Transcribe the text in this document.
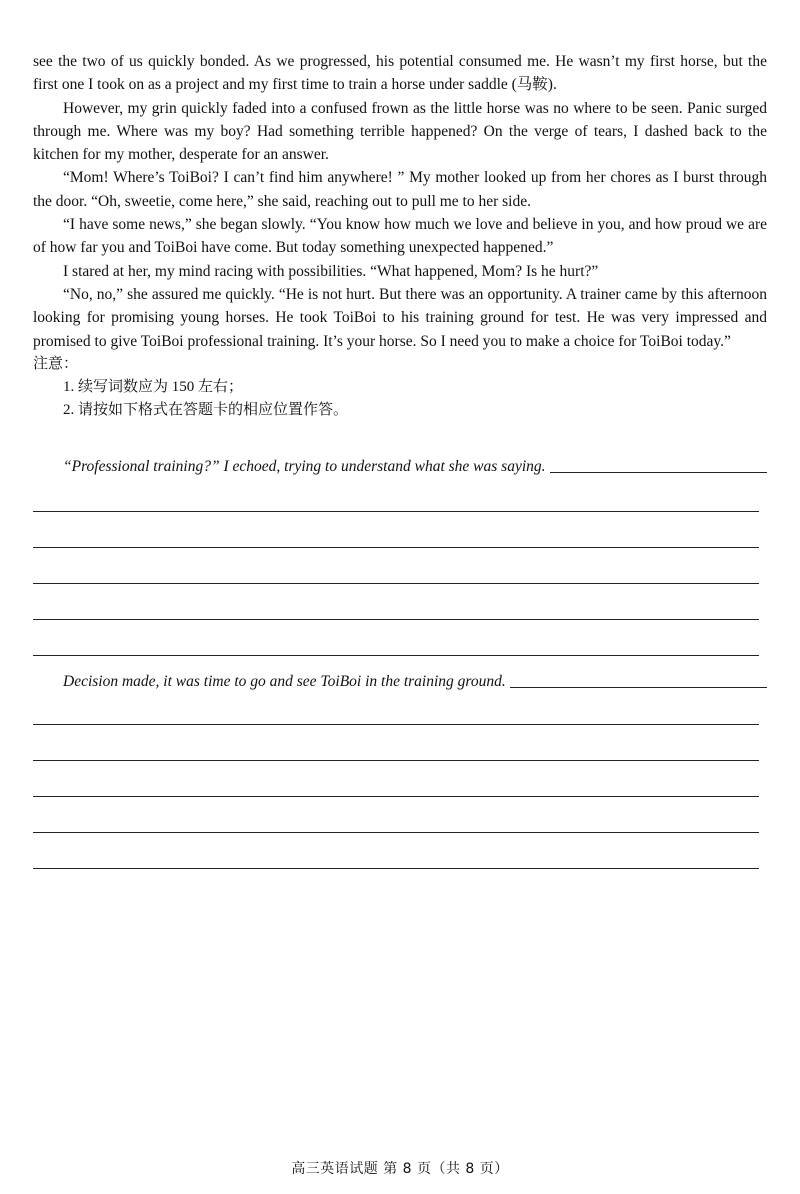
see the two of us quickly bonded. As we progressed, his potential consumed me. He wasn’t my first horse, but the first one I took on as a project and my first time to train a horse under saddle (马鞍).

However, my grin quickly faded into a confused frown as the little horse was no where to be seen. Panic surged through me. Where was my boy? Had something terrible happened? On the verge of tears, I dashed back to the kitchen for my mother, desperate for an answer.

“Mom! Where’s ToiBoi? I can’t find him anywhere! ” My mother looked up from her chores as I burst through the door. “Oh, sweetie, come here,” she said, reaching out to pull me to her side.

“I have some news,” she began slowly. “You know how much we love and believe in you, and how proud we are of how far you and ToiBoi have come. But today something unexpected happened.”

I stared at her, my mind racing with possibilities. “What happened, Mom? Is he hurt?”

“No, no,” she assured me quickly. “He is not hurt. But there was an opportunity. A trainer came by this afternoon looking for promising young horses. He took ToiBoi to his training ground for test. He was very impressed and promised to give ToiBoi professional training. It’s your horse. So I need you to make a choice for ToiBoi today.”

注意：

1. 续写词数应为 150 左右；

2. 请按如下格式在答题卡的相应位置作答。

“Professional training?” I echoed, trying to understand what she was saying.
Decision made, it was time to go and see ToiBoi in the training ground.
高三英语试题 第 8 页（共 8 页）
